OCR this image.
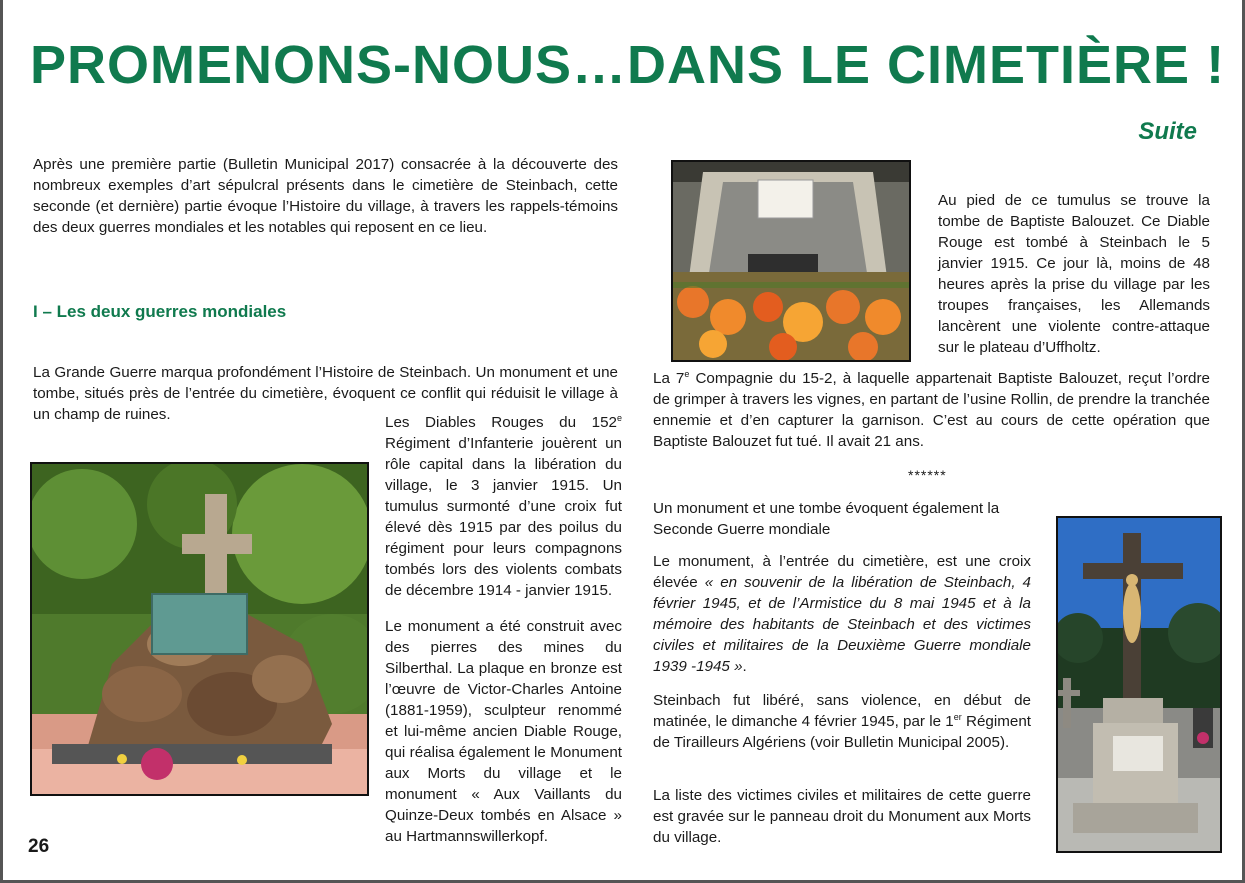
PROMENONS-NOUS…DANS LE CIMETIÈRE !
Suite

Après une première partie (Bulletin Municipal 2017) consacrée à la découverte des nombreux exemples d’art sépulcral présents dans le cimetière de Steinbach, cette seconde (et dernière) partie évoque l’Histoire du village, à travers les rappels-témoins des deux guerres mondiales et les notables qui reposent en ce lieu.

I – Les deux guerres mondiales

La Grande Guerre marqua profondément l’Histoire de Steinbach. Un monument et une tombe, situés près de l’entrée du cimetière, évoquent ce conflit qui réduisit le village à un champ de ruines.	Les Diables Rouges du 152e Régiment d’Infanterie jouèrent un rôle capital dans la libération du village, le 3 janvier 1915. Un tumulus surmonté d’une croix fut élevé dès 1915 par des poilus du régiment pour leurs compagnons tombés lors des violents combats de décembre 1914 - janvier 1915.

Le monument a été construit avec des pierres des mines du Silberthal. La plaque en bronze est l’œuvre de Victor-Charles Antoine (1881-1959), sculpteur renommé et lui-même ancien Diable Rouge, qui réalisa également le Monument aux Morts du village et le monument « Aux Vaillants du Quinze-Deux tombés en Alsace » au Hartmannswillerkopf.

Au pied de ce tumulus se trouve la tombe de Baptiste Balouzet. Ce Diable Rouge est tombé à Steinbach le 5 janvier 1915. Ce jour là, moins de 48 heures après la prise du village par les troupes françaises, les Allemands lancèrent une violente contre-attaque sur le plateau d’Uffholtz.

La 7e Compagnie du 15-2, à laquelle appartenait Baptiste Balouzet, reçut l’ordre de grimper à travers les vignes, en partant de l’usine Rollin, de prendre la tranchée ennemie et d’en capturer la garnison. C’est au cours de cette opération que Baptiste Balouzet fut tué. Il avait 21 ans.

******

Un monument et une tombe évoquent également la Seconde Guerre mondiale

Le monument, à l’entrée du cimetière, est une croix élevée « en souvenir de la libération de Steinbach, 4 février 1945, et de l’Armistice du 8 mai 1945 et à la mémoire des habitants de Steinbach et des victimes civiles et militaires de la Deuxième Guerre mondiale 1939 -1945 ».

Steinbach fut libéré, sans violence, en début de matinée, le dimanche 4 février 1945, par le 1er Régiment de Tirailleurs Algériens (voir Bulletin Municipal 2005).

La liste des victimes civiles et militaires de cette guerre est gravée sur le panneau droit du Monument aux Morts du village.

26
